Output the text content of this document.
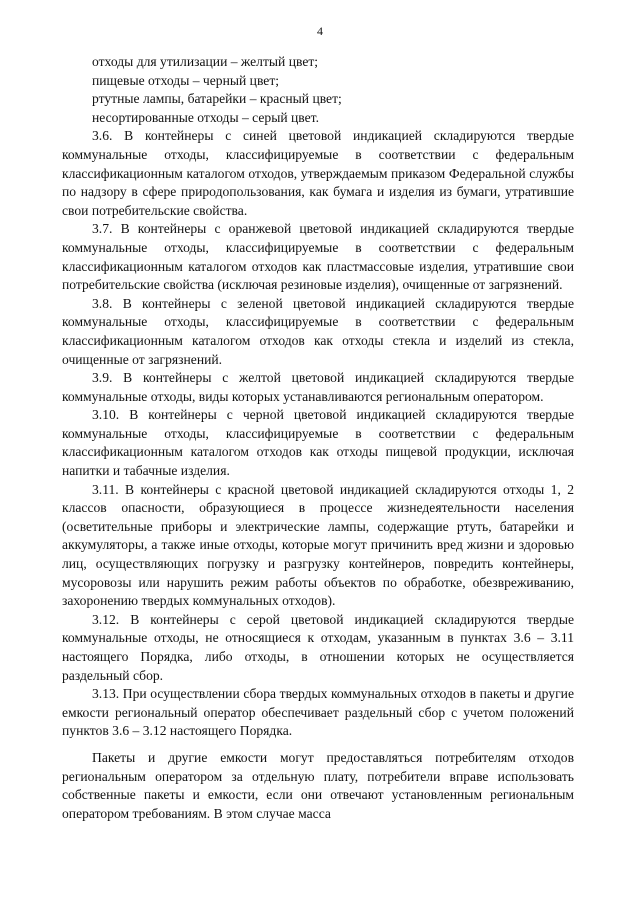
4

отходы для утилизации – желтый цвет;

пищевые отходы – черный цвет;

ртутные лампы, батарейки – красный цвет;

несортированные отходы – серый цвет.

3.6. В контейнеры с синей цветовой индикацией складируются твердые коммунальные отходы, классифицируемые в соответствии с федеральным классификационным каталогом отходов, утверждаемым приказом Федеральной службы по надзору в сфере природопользования, как бумага и изделия из бумаги, утратившие свои потребительские свойства.

3.7. В контейнеры с оранжевой цветовой индикацией складируются твердые коммунальные отходы, классифицируемые в соответствии с федеральным классификационным каталогом отходов как пластмассовые изделия, утратившие свои потребительские свойства (исключая резиновые изделия), очищенные от загрязнений.

3.8. В контейнеры с зеленой цветовой индикацией складируются твердые коммунальные отходы, классифицируемые в соответствии с федеральным классификационным каталогом отходов как отходы стекла и изделий из стекла, очищенные от загрязнений.

3.9. В контейнеры с желтой цветовой индикацией складируются твердые коммунальные отходы, виды которых устанавливаются региональным оператором.

3.10. В контейнеры с черной цветовой индикацией складируются твердые коммунальные отходы, классифицируемые в соответствии с федеральным классификационным каталогом отходов как отходы пищевой продукции, исключая напитки и табачные изделия.

3.11. В контейнеры с красной цветовой индикацией складируются отходы 1, 2 классов опасности, образующиеся в процессе жизнедеятельности населения (осветительные приборы и электрические лампы, содержащие ртуть, батарейки и аккумуляторы, а также иные отходы, которые могут причинить вред жизни и здоровью лиц, осуществляющих погрузку и разгрузку контейнеров, повредить контейнеры, мусоровозы или нарушить режим работы объектов по обработке, обезвреживанию, захоронению твердых коммунальных отходов).

3.12. В контейнеры с серой цветовой индикацией складируются твердые коммунальные отходы, не относящиеся к отходам, указанным в пунктах 3.6 – 3.11 настоящего Порядка, либо отходы, в отношении которых не осуществляется раздельный сбор.

3.13. При осуществлении сбора твердых коммунальных отходов в пакеты и другие емкости региональный оператор обеспечивает раздельный сбор с учетом положений пунктов 3.6 – 3.12 настоящего Порядка.

Пакеты и другие емкости могут предоставляться потребителям отходов региональным оператором за отдельную плату, потребители вправе использовать собственные пакеты и емкости, если они отвечают установленным региональным оператором требованиям. В этом случае масса
